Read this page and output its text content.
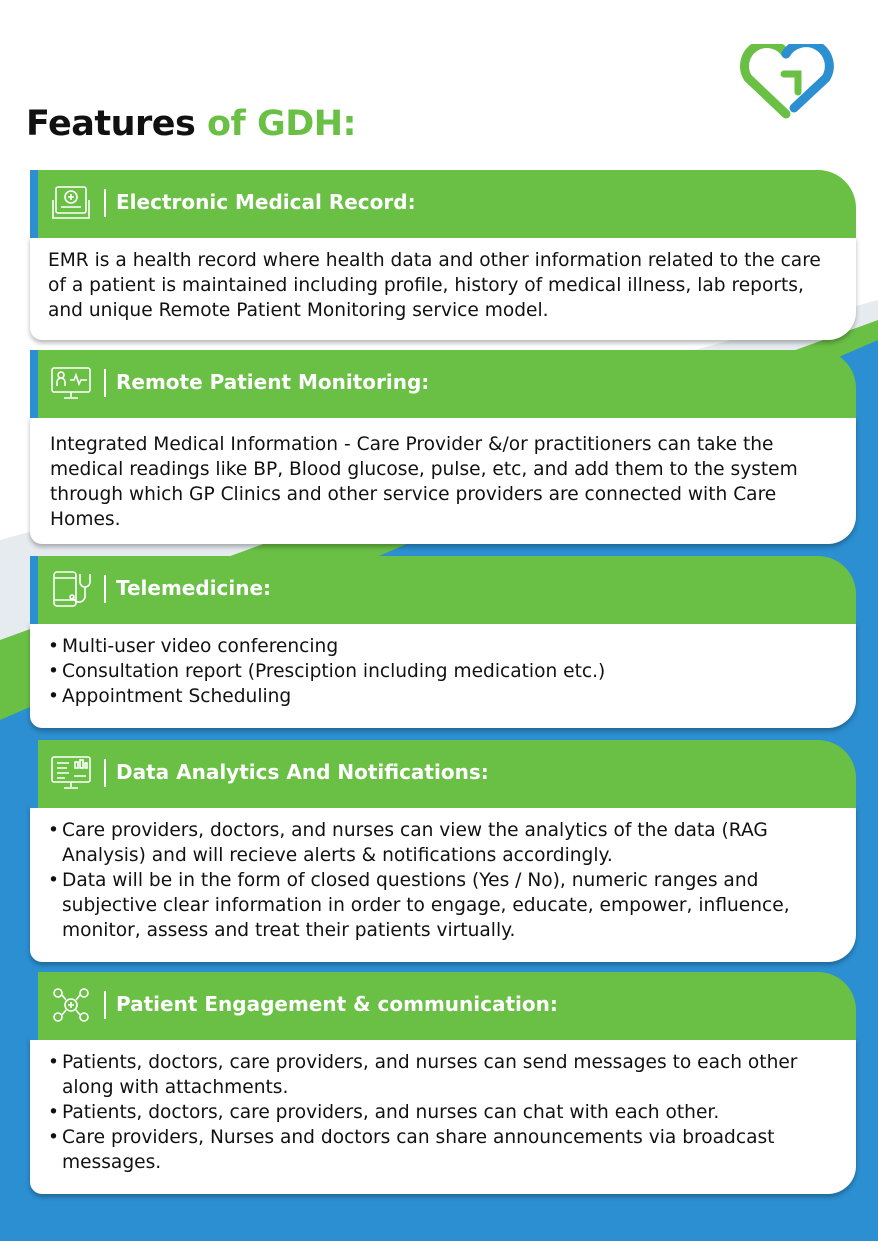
Features of GDH:

EMR is a health record where health data and other information related to the care of a patient is maintained including profile, history of medical illness, lab reports, and unique Remote Patient Monitoring service model.

Electronic Medical Record:

Integrated Medical Information - Care Provider &/or practitioners can take the medical readings like BP, Blood glucose, pulse, etc, and add them to the system through which GP Clinics and other service providers are connected with Care Homes.

Remote Patient Monitoring:
• Multi-user video conferencing
• Consultation report (Presciption including medication etc.)
• Appointment Scheduling
Telemedicine:
• Care providers, doctors, and nurses can view the analytics of the data (RAG Analysis) and will recieve alerts & notifications accordingly.
• Data will be in the form of closed questions (Yes / No), numeric ranges and subjective clear information in order to engage, educate, empower, influence, monitor, assess and treat their patients virtually.
Data Analytics And Notifications:
• Patients, doctors, care providers, and nurses can send messages to each other along with attachments.
• Patients, doctors, care providers, and nurses can chat with each other.
• Care providers, Nurses and doctors can share announcements via broadcast messages.
Patient Engagement & communication:
